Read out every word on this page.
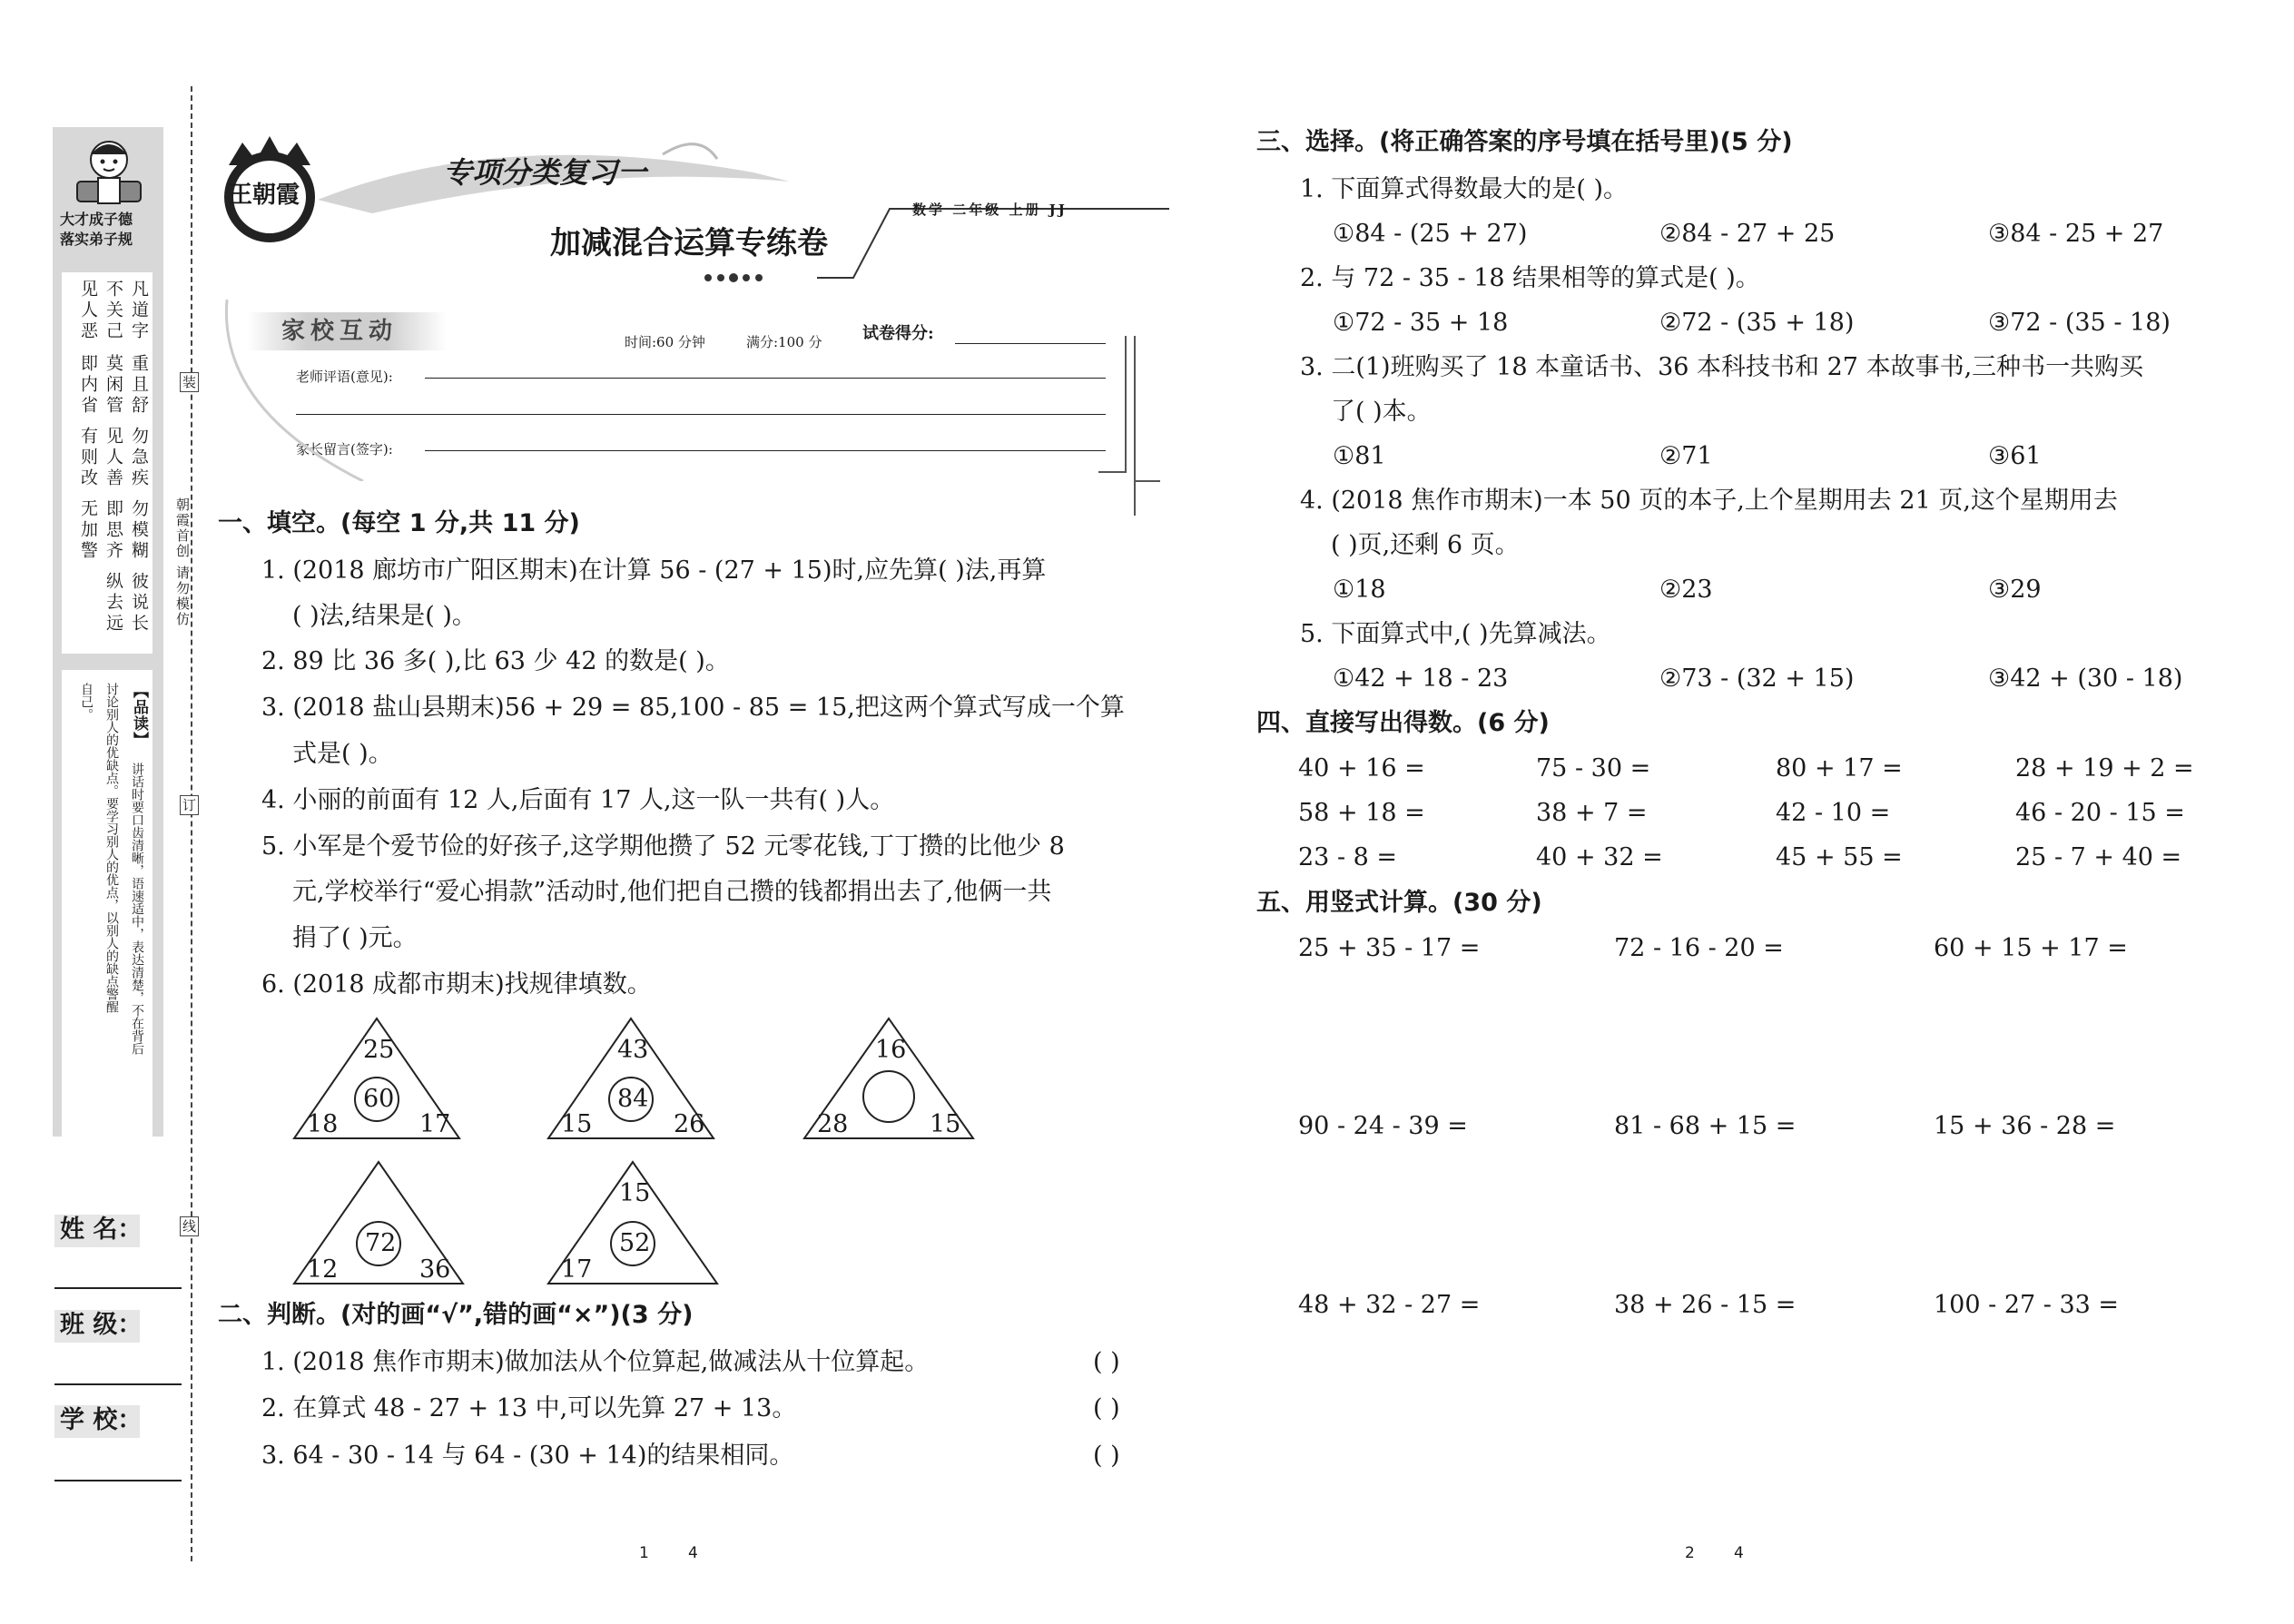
大才成子德
落实弟子规
凡道字
重且舒
勿急疾
勿模糊
彼说长
不关己
莫闲管
见人善
即思齐
纵去远
见人恶
即内省
有则改
无加警
【品读】
讲话时要口齿清晰，语速适中，表达清楚，不在背后
讨论别人的优缺点。要学习别人的优点，以别人的缺点警醒
自己。
姓 名：
班 级：
学 校：
装
订
线
朝霞首创 请勿模仿
王朝霞
专项分类复习一
加减混合运算专练卷
数学 二年级 上册 JJ
家校互动	时间:60 分钟	满分:100 分 试卷得分:
老师评语(意见):
家长留言(签字):
一、填空。(每空 1 分,共 11 分)
1. (2018 廊坊市广阳区期末)在计算 56 - (27 + 15)时,应先算( )法,再算
( )法,结果是( )。
2. 89 比 36 多( ),比 63 少 42 的数是( )。
3. (2018 盐山县期末)56 + 29 = 85,100 - 85 = 15,把这两个算式写成一个算
式是( )。
4. 小丽的前面有 12 人,后面有 17 人,这一队一共有( )人。
5. 小军是个爱节俭的好孩子,这学期他攒了 52 元零花钱,丁丁攒的比他少 8
元,学校举行“爱心捐款”活动时,他们把自己攒的钱都捐出去了,他俩一共
捐了( )元。
6. (2018 成都市期末)找规律填数。
25
60
18	17
43
84
15	26
16
28	15
72
12	36
15
52
17
二、判断。(对的画“√”,错的画“×”)(3 分)
1. (2018 焦作市期末)做加法从个位算起,做减法从十位算起。	( )
2. 在算式 48 - 27 + 13 中,可以先算 27 + 13。	( )
3. 64 - 30 - 14 与 64 - (30 + 14)的结果相同。	( )
1        4
三、选择。(将正确答案的序号填在括号里)(5 分)
1. 下面算式得数最大的是( )。
①84 - (25 + 27)	②84 - 27 + 25	③84 - 25 + 27
2. 与 72 - 35 - 18 结果相等的算式是( )。
①72 - 35 + 18	②72 - (35 + 18)	③72 - (35 - 18)
3. 二(1)班购买了 18 本童话书、36 本科技书和 27 本故事书,三种书一共购买
了( )本。
①81	②71	③61
4. (2018 焦作市期末)一本 50 页的本子,上个星期用去 21 页,这个星期用去
( )页,还剩 6 页。
①18	②23	③29
5. 下面算式中,( )先算减法。
①42 + 18 - 23	②73 - (32 + 15)	③42 + (30 - 18)
四、直接写出得数。(6 分)
40 + 16 =	75 - 30 =	80 + 17 =	28 + 19 + 2 =
58 + 18 =	38 + 7 =	42 - 10 =	46 - 20 - 15 =
23 - 8 =	40 + 32 =	45 + 55 =	25 - 7 + 40 =
五、用竖式计算。(30 分)
25 + 35 - 17 =	72 - 16 - 20 =	60 + 15 + 17 =
90 - 24 - 39 =	81 - 68 + 15 =	15 + 36 - 28 =
48 + 32 - 27 =	38 + 26 - 15 =	100 - 27 - 33 =
2        4
